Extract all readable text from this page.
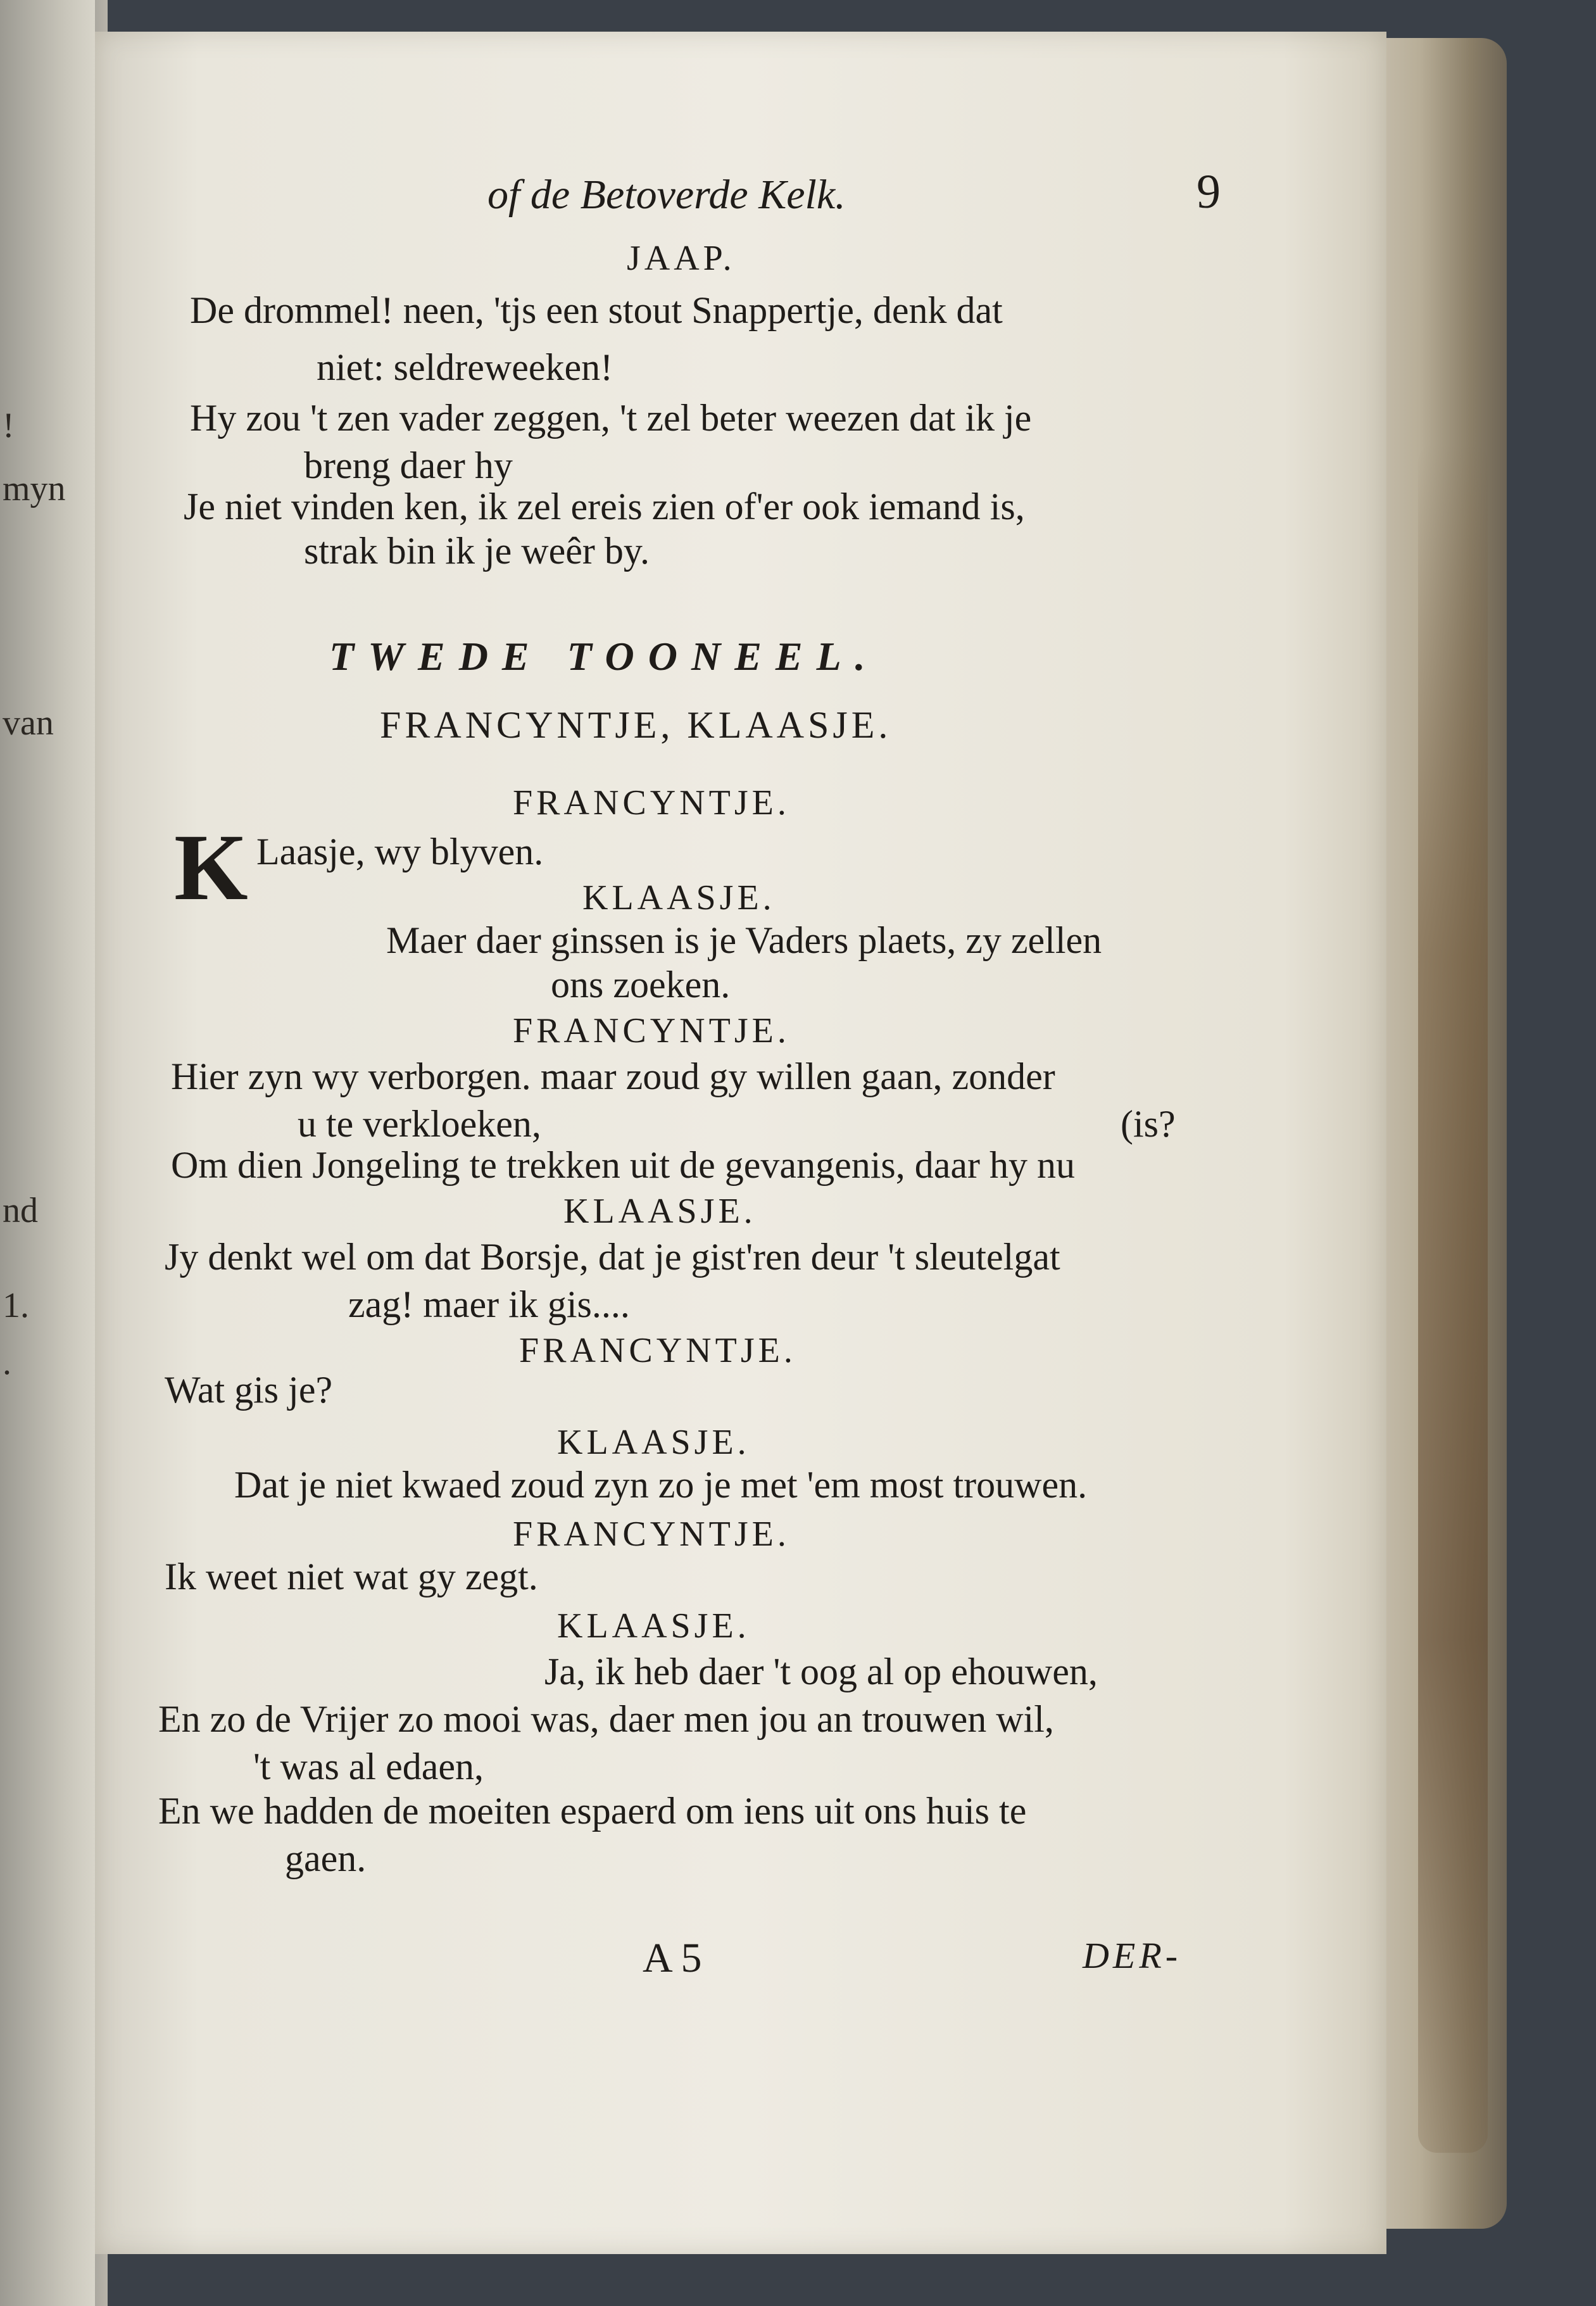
!
myn
van
nd
1.
.
of de Betoverde Kelk.	9
JAAP.
De drommel! neen, 'tjs een stout Snappertje, denk dat
niet: seldreweeken!
Hy zou 't zen vader zeggen, 't zel beter weezen dat ik je
breng daer hy
Je niet vinden ken, ik zel ereis zien of'er ook iemand is,
strak bin ik je weêr by.
TWEDE TOONEEL.
FRANCYNTJE, KLAASJE.
FRANCYNTJE.
K Laasje, wy blyven.
KLAASJE.
Maer daer ginssen is je Vaders plaets, zy zellen
ons zoeken.
FRANCYNTJE.
Hier zyn wy verborgen. maar zoud gy willen gaan, zonder
u te verkloeken,	(is?
Om dien Jongeling te trekken uit de gevangenis, daar hy nu
KLAASJE.
Jy denkt wel om dat Borsje, dat je gist'ren deur 't sleutelgat
zag! maer ik gis....
FRANCYNTJE.
Wat gis je?
KLAASJE.
Dat je niet kwaed zoud zyn zo je met 'em most trouwen.
FRANCYNTJE.
Ik weet niet wat gy zegt.
KLAASJE.
Ja, ik heb daer 't oog al op ehouwen,
En zo de Vrijer zo mooi was, daer men jou an trouwen wil,
't was al edaen,
En we hadden de moeiten espaerd om iens uit ons huis te
gaen.
A 5	DER-
